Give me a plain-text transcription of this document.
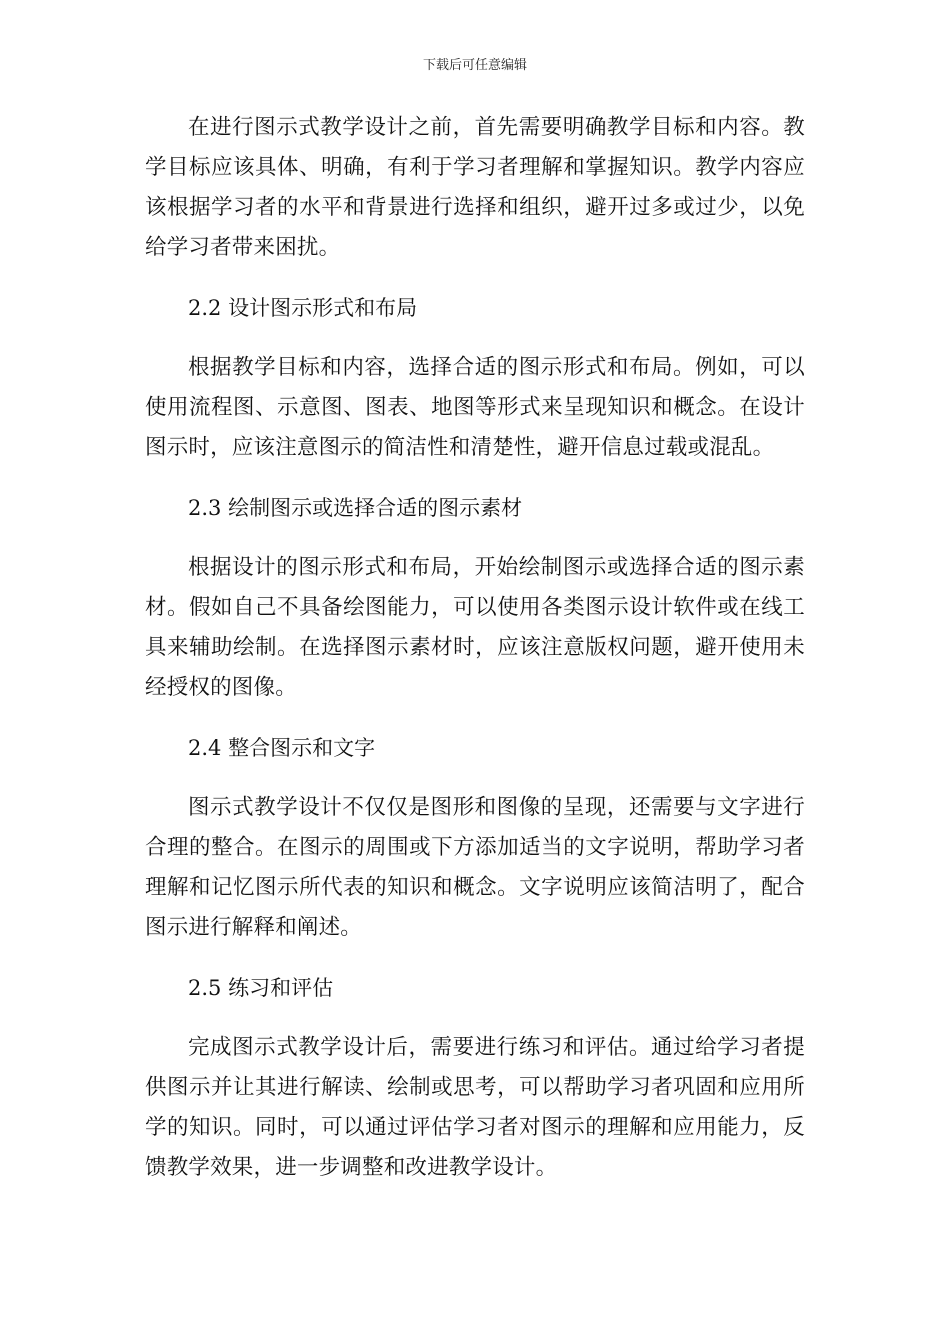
下载后可任意编辑

在进行图示式教学设计之前，首先需要明确教学目标和内容。教学目标应该具体、明确，有利于学习者理解和掌握知识。教学内容应该根据学习者的水平和背景进行选择和组织，避开过多或过少，以免给学习者带来困扰。

2.2 设计图示形式和布局

根据教学目标和内容，选择合适的图示形式和布局。例如，可以使用流程图、示意图、图表、地图等形式来呈现知识和概念。在设计图示时，应该注意图示的简洁性和清楚性，避开信息过载或混乱。

2.3 绘制图示或选择合适的图示素材

根据设计的图示形式和布局，开始绘制图示或选择合适的图示素材。假如自己不具备绘图能力，可以使用各类图示设计软件或在线工具来辅助绘制。在选择图示素材时，应该注意版权问题，避开使用未经授权的图像。

2.4 整合图示和文字

图示式教学设计不仅仅是图形和图像的呈现，还需要与文字进行合理的整合。在图示的周围或下方添加适当的文字说明，帮助学习者理解和记忆图示所代表的知识和概念。文字说明应该简洁明了，配合图示进行解释和阐述。

2.5 练习和评估

完成图示式教学设计后，需要进行练习和评估。通过给学习者提供图示并让其进行解读、绘制或思考，可以帮助学习者巩固和应用所学的知识。同时，可以通过评估学习者对图示的理解和应用能力，反馈教学效果，进一步调整和改进教学设计。
